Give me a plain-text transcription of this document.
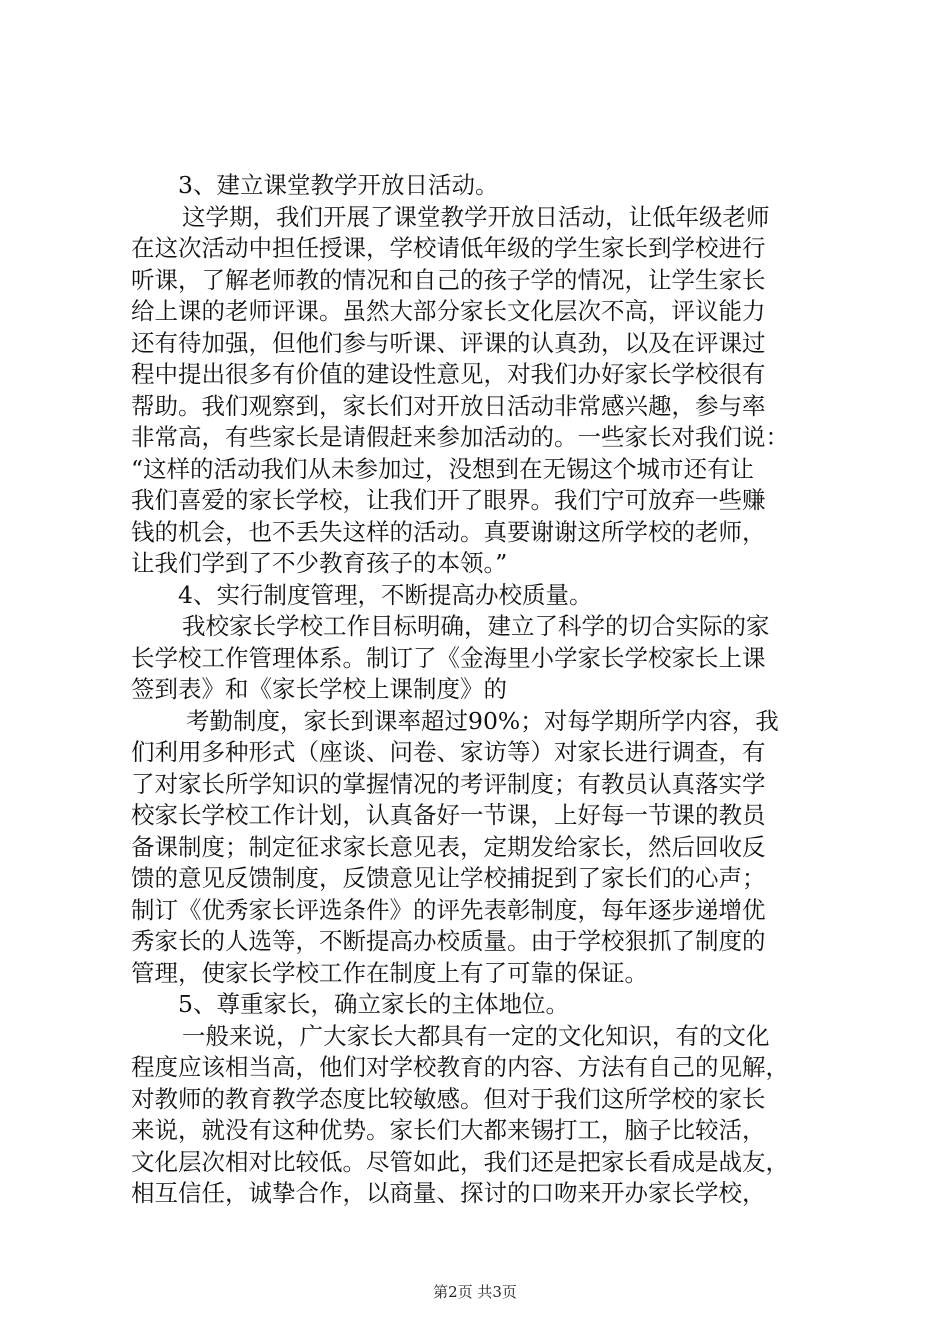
3、建立课堂教学开放日活动。
这学期，我们开展了课堂教学开放日活动，让低年级老师
在这次活动中担任授课，学校请低年级的学生家长到学校进行
听课，了解老师教的情况和自己的孩子学的情况，让学生家长
给上课的老师评课。虽然大部分家长文化层次不高，评议能力
还有待加强，但他们参与听课、评课的认真劲，以及在评课过
程中提出很多有价值的建设性意见，对我们办好家长学校很有
帮助。我们观察到，家长们对开放日活动非常感兴趣，参与率
非常高，有些家长是请假赶来参加活动的。一些家长对我们说：
“这样的活动我们从未参加过，没想到在无锡这个城市还有让
我们喜爱的家长学校，让我们开了眼界。我们宁可放弃一些赚
钱的机会，也不丢失这样的活动。真要谢谢这所学校的老师，
让我们学到了不少教育孩子的本领。”
4、实行制度管理，不断提高办校质量。
我校家长学校工作目标明确，建立了科学的切合实际的家
长学校工作管理体系。制订了《金海里小学家长学校家长上课
签到表》和《家长学校上课制度》的
考勤制度，家长到课率超过90%；对每学期所学内容，我
们利用多种形式（座谈、问卷、家访等）对家长进行调查，有
了对家长所学知识的掌握情况的考评制度；有教员认真落实学
校家长学校工作计划，认真备好一节课，上好每一节课的教员
备课制度；制定征求家长意见表，定期发给家长，然后回收反
馈的意见反馈制度，反馈意见让学校捕捉到了家长们的心声；
制订《优秀家长评选条件》的评先表彰制度，每年逐步递增优
秀家长的人选等，不断提高办校质量。由于学校狠抓了制度的
管理，使家长学校工作在制度上有了可靠的保证。
5、尊重家长，确立家长的主体地位。
一般来说，广大家长大都具有一定的文化知识，有的文化
程度应该相当高，他们对学校教育的内容、方法有自己的见解，
对教师的教育教学态度比较敏感。但对于我们这所学校的家长
来说，就没有这种优势。家长们大都来锡打工，脑子比较活，
文化层次相对比较低。尽管如此，我们还是把家长看成是战友，
相互信任，诚挚合作，以商量、探讨的口吻来开办家长学校，
第2页 共3页
